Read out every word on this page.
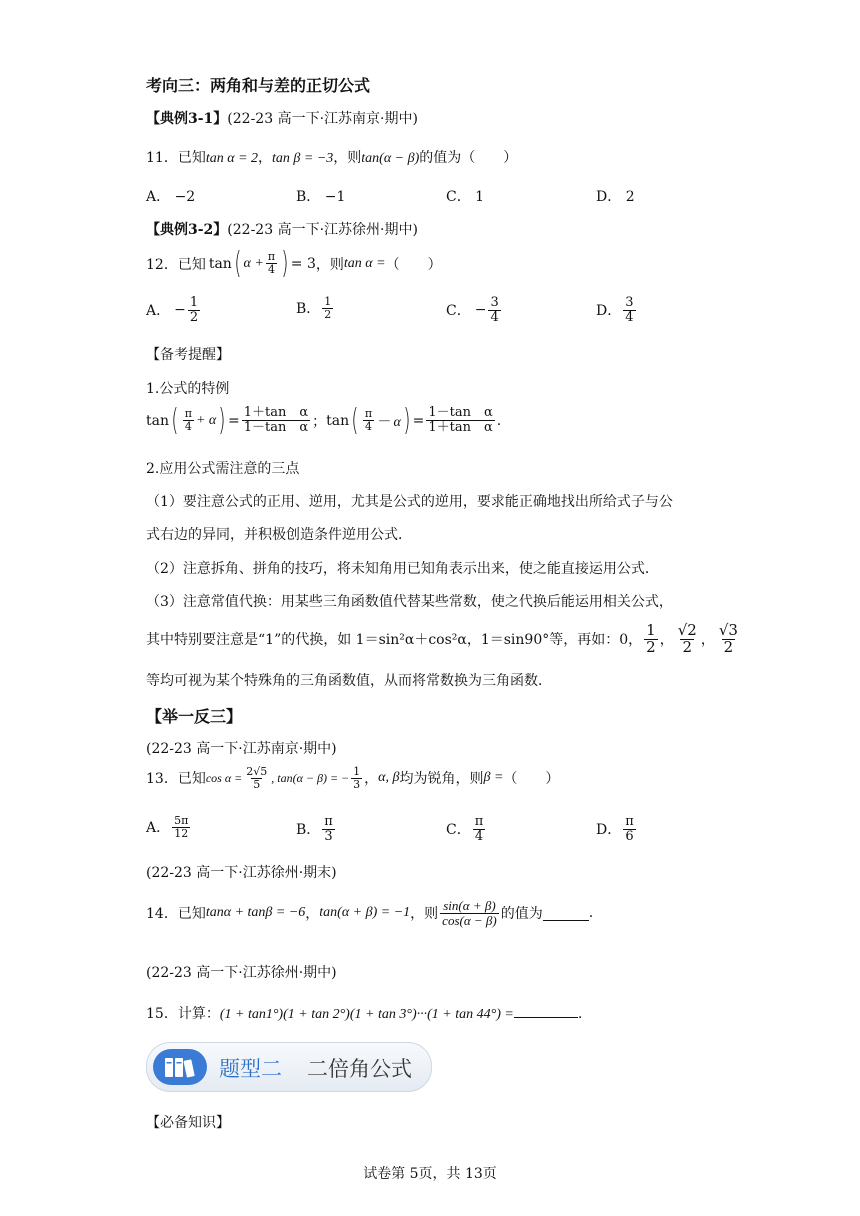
考向三：两角和与差的正切公式
【典例3-1】(22-23 高一下·江苏南京·期中)
11．已知tan α = 2，tan β = −3，则tan(α − β)的值为（　　）
A． −2	B． −1	C． 1	D． 2
【典例3-2】(22-23 高一下·江苏徐州·期中)
12． 已知 tan ( $\alpha + \frac{\pi}{4}$ ) = 3 ，则 tan α = （　　）
A． − $\frac{1}{2}$	B． $\frac{1}{2}$	C． − $\frac{3}{4}$	D． $\frac{3}{4}$
【备考提醒】
1.公式的特例
tan ( $\frac{\pi}{4} + \alpha$ ) = $\frac{\text{1＋tan　α}}{\text{1－tan　α}}$ ； tan ( $\frac{\pi}{4} - \alpha$ ) = $\frac{\text{1－tan　α}}{\text{1＋tan　α}}$ .
2.应用公式需注意的三点
（1）要注意公式的正用、逆用，尤其是公式的逆用，要求能正确地找出所给式子与公
式右边的异同，并积极创造条件逆用公式．
（2）注意拆角、拼角的技巧，将未知角用已知角表示出来，使之能直接运用公式．
（3）注意常值代换：用某些三角函数值代替某些常数，使之代换后能运用相关公式，
其中特别要注意是“1”的代换，如 1＝sin²α＋cos²α，1＝sin90°等，再如：0， $\frac{1}{2}$ ， $\frac{√2}{2}$ ， $\frac{√3}{2}$
等均可视为某个特殊角的三角函数值，从而将常数换为三角函数．
【举一反三】
(22-23 高一下·江苏南京·期中)
13． 已知 $\cos \alpha = \frac{2√5}{5}$ , tan(α − β) = − $\frac{1}{3}$ ， α, β 均为锐角，则 β = （　　）
A． $\frac{5\pi}{12}$	B． $\frac{\pi}{3}$	C． $\frac{\pi}{4}$	D． $\frac{\pi}{6}$
(22-23 高一下·江苏徐州·期末)
14． 已知 tanα + tanβ = −6 ， tan(α + β) = −1 ，则 $\frac{\sin(\alpha + \beta)}{\cos(\alpha - \beta)}$ 的值为	.
(22-23 高一下·江苏徐州·期中)
15．计算：(1 + tan1°)(1 + tan 2°)(1 + tan 3°)···(1 + tan 44°) =	.
题型二 二倍角公式
【必备知识】
试卷第 5页，共 13页
